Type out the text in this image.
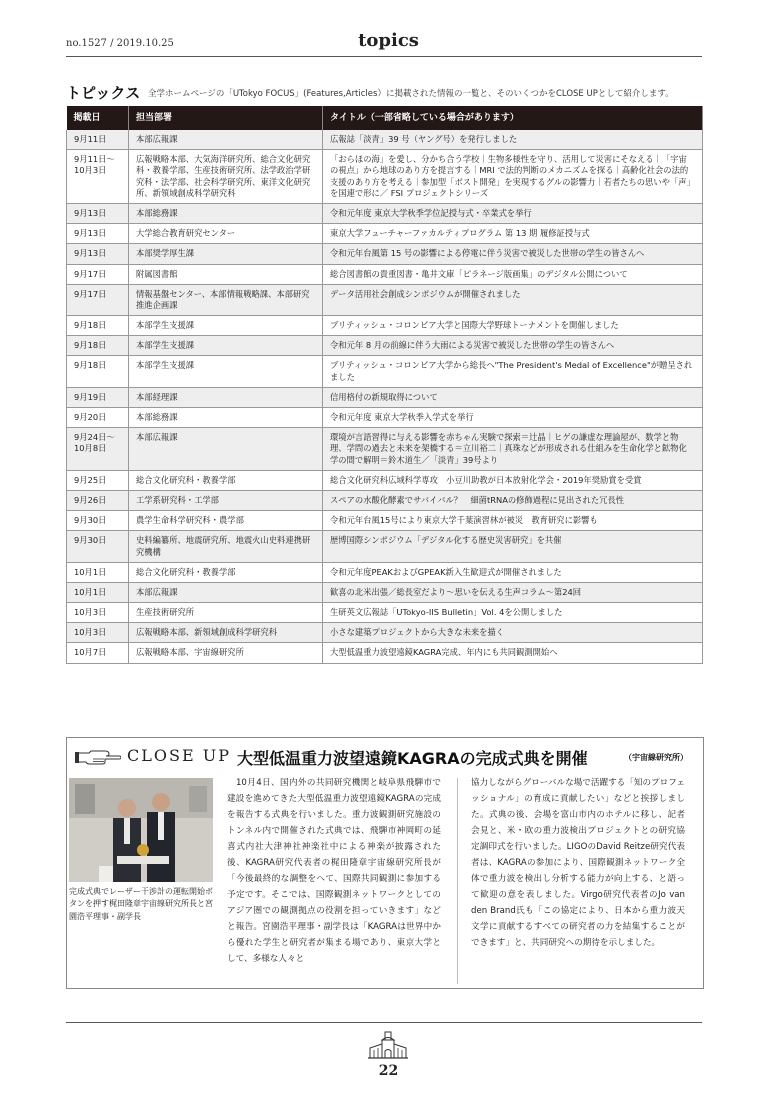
no.1527 / 2019.10.25	topics
トピックス 全学ホームページの「UTokyo FOCUS」(Features,Articles）に掲載された情報の一覧と、そのいくつかをCLOSE UPとして紹介します。
掲載日	担当部署	タイトル（一部省略している場合があります）
9月11日	本部広報課	広報誌「淡青」39 号（ヤング号）を発行しました
9月11日～10月3日	広報戦略本部、大気海洋研究所、総合文化研究科・教養学部、生産技術研究所、法学政治学研究科・法学部、社会科学研究所、東洋文化研究所、新領域創成科学研究科	「おらほの海」を愛し、分かち合う学校｜生物多様性を守り、活用して災害にそなえる｜「宇宙の視点」から地球のあり方を提言する｜MRI で法的判断のメカニズムを探る｜高齢化社会の法的支援のあり方を考える｜参加型「ボスト開発」を実現するグルの影響力｜若者たちの思いや「声」を国連で形に／ FSI プロジェクトシリーズ
9月13日	本部総務課	令和元年度 東京大学秋季学位記授与式・卒業式を挙行
9月13日	大学総合教育研究センター	東京大学フューチャーファカルティプログラム 第 13 期 履修証授与式
9月13日	本部奨学厚生課	令和元年台風第 15 号の影響による停電に伴う災害で被災した世帯の学生の皆さんへ
9月17日	附属図書館	総合図書館の貴重図書・亀井文庫「ピラネージ版画集」のデジタル公開について
9月17日	情報基盤センター、本部情報戦略課、本部研究推進企画課	データ活用社会創成シンポジウムが開催されました
9月18日	本部学生支援課	ブリティッシュ・コロンビア大学と国際大学野球トーナメントを開催しました
9月18日	本部学生支援課	令和元年 8 月の前線に伴う大雨による災害で被災した世帯の学生の皆さんへ
9月18日	本部学生支援課	ブリティッシュ・コロンビア大学から総長へ"The President's Medal of Excellence"が贈呈されました
9月19日	本部経理課	信用格付の新規取得について
9月20日	本部総務課	令和元年度 東京大学秋季入学式を挙行
9月24日～10月8日	本部広報課	環境が言語習得に与える影響を赤ちゃん実験で探索＝辻晶｜ヒゲの謙虚な理論屋が、数学と物理、学問の過去と未来を架橋する＝立川裕二｜真珠などが形成される仕組みを生命化学と鉱物化学の間で解明＝鈴木道生／「淡青」39号より
9月25日	総合文化研究科・教養学部	総合文化研究科広域科学専攻　小豆川助教が日本放射化学会・2019年奨励賞を受賞
9月26日	工学系研究科・工学部	スペアの水酸化酵素でサバイバル？　細菌tRNAの修飾過程に見出された冗長性
9月30日	農学生命科学研究科・農学部	令和元年台風15号により東京大学千葉演習林が被災　教育研究に影響も
9月30日	史料編纂所、地震研究所、地震火山史料連携研究機構	歴博国際シンポジウム「デジタル化する歴史災害研究」を共催
10月1日	総合文化研究科・教養学部	令和元年度PEAKおよびGPEAK新入生歓迎式が開催されました
10月1日	本部広報課	歓喜の北米出張／総長室だより～思いを伝える生声コラム～第24回
10月3日	生産技術研究所	生研英文広報誌「UTokyo-IIS Bulletin」Vol. 4を公開しました
10月3日	広報戦略本部、新領域創成科学研究科	小さな建築プロジェクトから大きな未来を描く
10月7日	広報戦略本部、宇宙線研究所	大型低温重力波望遠鏡KAGRA完成、年内にも共同観測開始へ
CLOSE UP 大型低温重力波望遠鏡KAGRAの完成式典を開催	（宇宙線研究所）
完成式典でレーザー干渉計の運転開始ボタンを押す梶田隆章宇宙線研究所長と宮園浩平理事・副学長
　10月4日、国内外の共同研究機関と岐阜県飛騨市で建設を進めてきた大型低温重力波望遠鏡KAGRAの完成を報告する式典を行いました。重力波観測研究施設のトンネル内で開催された式典では、飛騨市神岡町の延喜式内社大津神社神楽社中による神楽が披露された後、KAGRA研究代表者の梶田隆章宇宙線研究所長が「今後最終的な調整をへて、国際共同観測に参加する予定です。そこでは、国際観測ネットワークとしてのアジア圏での観測拠点の役割を担っていきます」などと報告。宮園浩平理事・副学長は「KAGRAは世界中から優れた学生と研究者が集まる場であり、東京大学として、多様な人々と
協力しながらグローバルな場で活躍する「知のプロフェッショナル」の育成に貢献したい」などと挨拶しました。式典の後、会場を富山市内のホテルに移し、記者会見と、米・欧の重力波検出プロジェクトとの研究協定調印式を行いました。LIGOのDavid Reitze研究代表者は、KAGRAの参加により、国際観測ネットワーク全体で重力波を検出し分析する能力が向上する、と語って歓迎の意を表しました。Virgo研究代表者のJo van den Brand氏も「この協定により、日本から重力波天文学に貢献するすべての研究者の力を結集することができます」と、共同研究への期待を示しました。
22
